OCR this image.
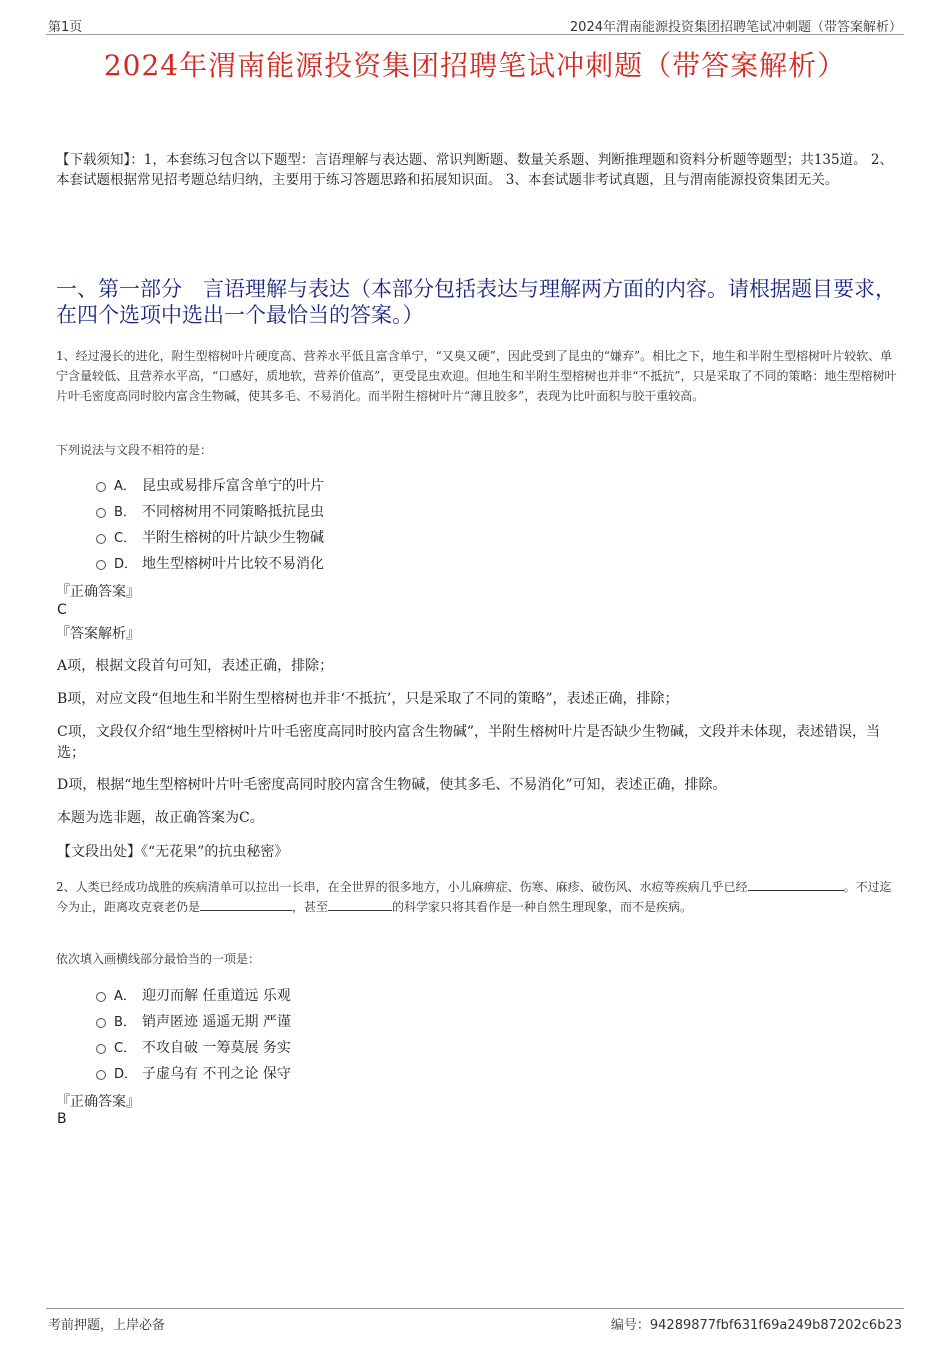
第1页	2024年渭南能源投资集团招聘笔试冲刺题（带答案解析）
2024年渭南能源投资集团招聘笔试冲刺题（带答案解析）
【下载须知】：1，本套练习包含以下题型：言语理解与表达题、常识判断题、数量关系题、判断推理题和资料分析题等题型；共135道。 2、本套试题根据常见招考题总结归纳，主要用于练习答题思路和拓展知识面。 3、本套试题非考试真题，且与渭南能源投资集团无关。
一、第一部分　言语理解与表达（本部分包括表达与理解两方面的内容。请根据题目要求，在四个选项中选出一个最恰当的答案。）
1、经过漫长的进化，附生型榕树叶片硬度高、营养水平低且富含单宁，“又臭又硬”，因此受到了昆虫的“嫌弃”。相比之下，地生和半附生型榕树叶片较软、单宁含量较低、且营养水平高，“口感好，质地软，营养价值高”，更受昆虫欢迎。但地生和半附生型榕树也并非“不抵抗”，只是采取了不同的策略：地生型榕树叶片叶毛密度高同时胶内富含生物碱，使其多毛、不易消化。而半附生榕树叶片“薄且胶多”，表现为比叶面积与胶干重较高。
下列说法与文段不相符的是：
A． 昆虫或易排斥富含单宁的叶片
B． 不同榕树用不同策略抵抗昆虫
C． 半附生榕树的叶片缺少生物碱
D． 地生型榕树叶片比较不易消化
『正确答案』
C
『答案解析』
A项，根据文段首句可知，表述正确，排除；
B项，对应文段“但地生和半附生型榕树也并非‘不抵抗’，只是采取了不同的策略”，表述正确，排除；
C项，文段仅介绍“地生型榕树叶片叶毛密度高同时胶内富含生物碱”，半附生榕树叶片是否缺少生物碱，文段并未体现，表述错误，当选；
D项，根据“地生型榕树叶片叶毛密度高同时胶内富含生物碱，使其多毛、不易消化”可知，表述正确，排除。
本题为选非题，故正确答案为C。
【文段出处】《“无花果”的抗虫秘密》
2、人类已经成功战胜的疾病清单可以拉出一长串，在全世界的很多地方，小儿麻痹症、伤寒、麻疹、破伤风、水痘等疾病几乎已经	。不过迄今为止，距离攻克衰老仍是	，甚至	的科学家只将其看作是一种自然生理现象，而不是疾病。
依次填入画横线部分最恰当的一项是：
A． 迎刃而解 任重道远 乐观
B． 销声匿迹 遥遥无期 严谨
C． 不攻自破 一筹莫展 务实
D． 子虚乌有 不刊之论 保守
『正确答案』
B
考前押题，上岸必备	编号：94289877fbf631f69a249b87202c6b23
